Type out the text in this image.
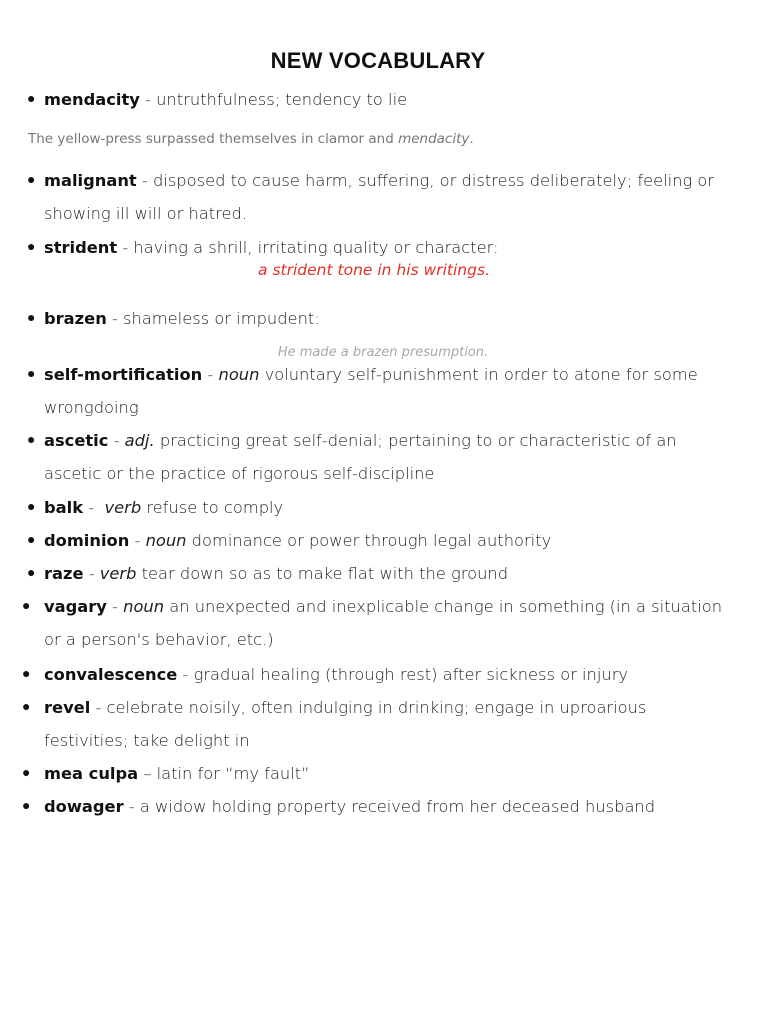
NEW VOCABULARY
● mendacity - untruthfulness; tendency to lie
The yellow-press surpassed themselves in clamor and mendacity.
● malignant - disposed to cause harm, suffering, or distress deliberately; feeling or showing ill will or hatred.
● strident - having a shrill, irritating quality or character:
a strident tone in his writings.
● brazen - shameless or impudent:
He made a brazen presumption.
● self-mortification - noun voluntary self-punishment in order to atone for some wrongdoing
● ascetic - adj. practicing great self-denial; pertaining to or characteristic of an ascetic or the practice of rigorous self-discipline
● balk -  verb refuse to comply
● dominion - noun dominance or power through legal authority
● raze - verb tear down so as to make flat with the ground
● vagary - noun an unexpected and inexplicable change in something (in a situation or a person's behavior, etc.)
● convalescence - gradual healing (through rest) after sickness or injury
● revel - celebrate noisily, often indulging in drinking; engage in uproarious festivities; take delight in
● mea culpa – latin for “my fault”
● dowager - a widow holding property received from her deceased husband
